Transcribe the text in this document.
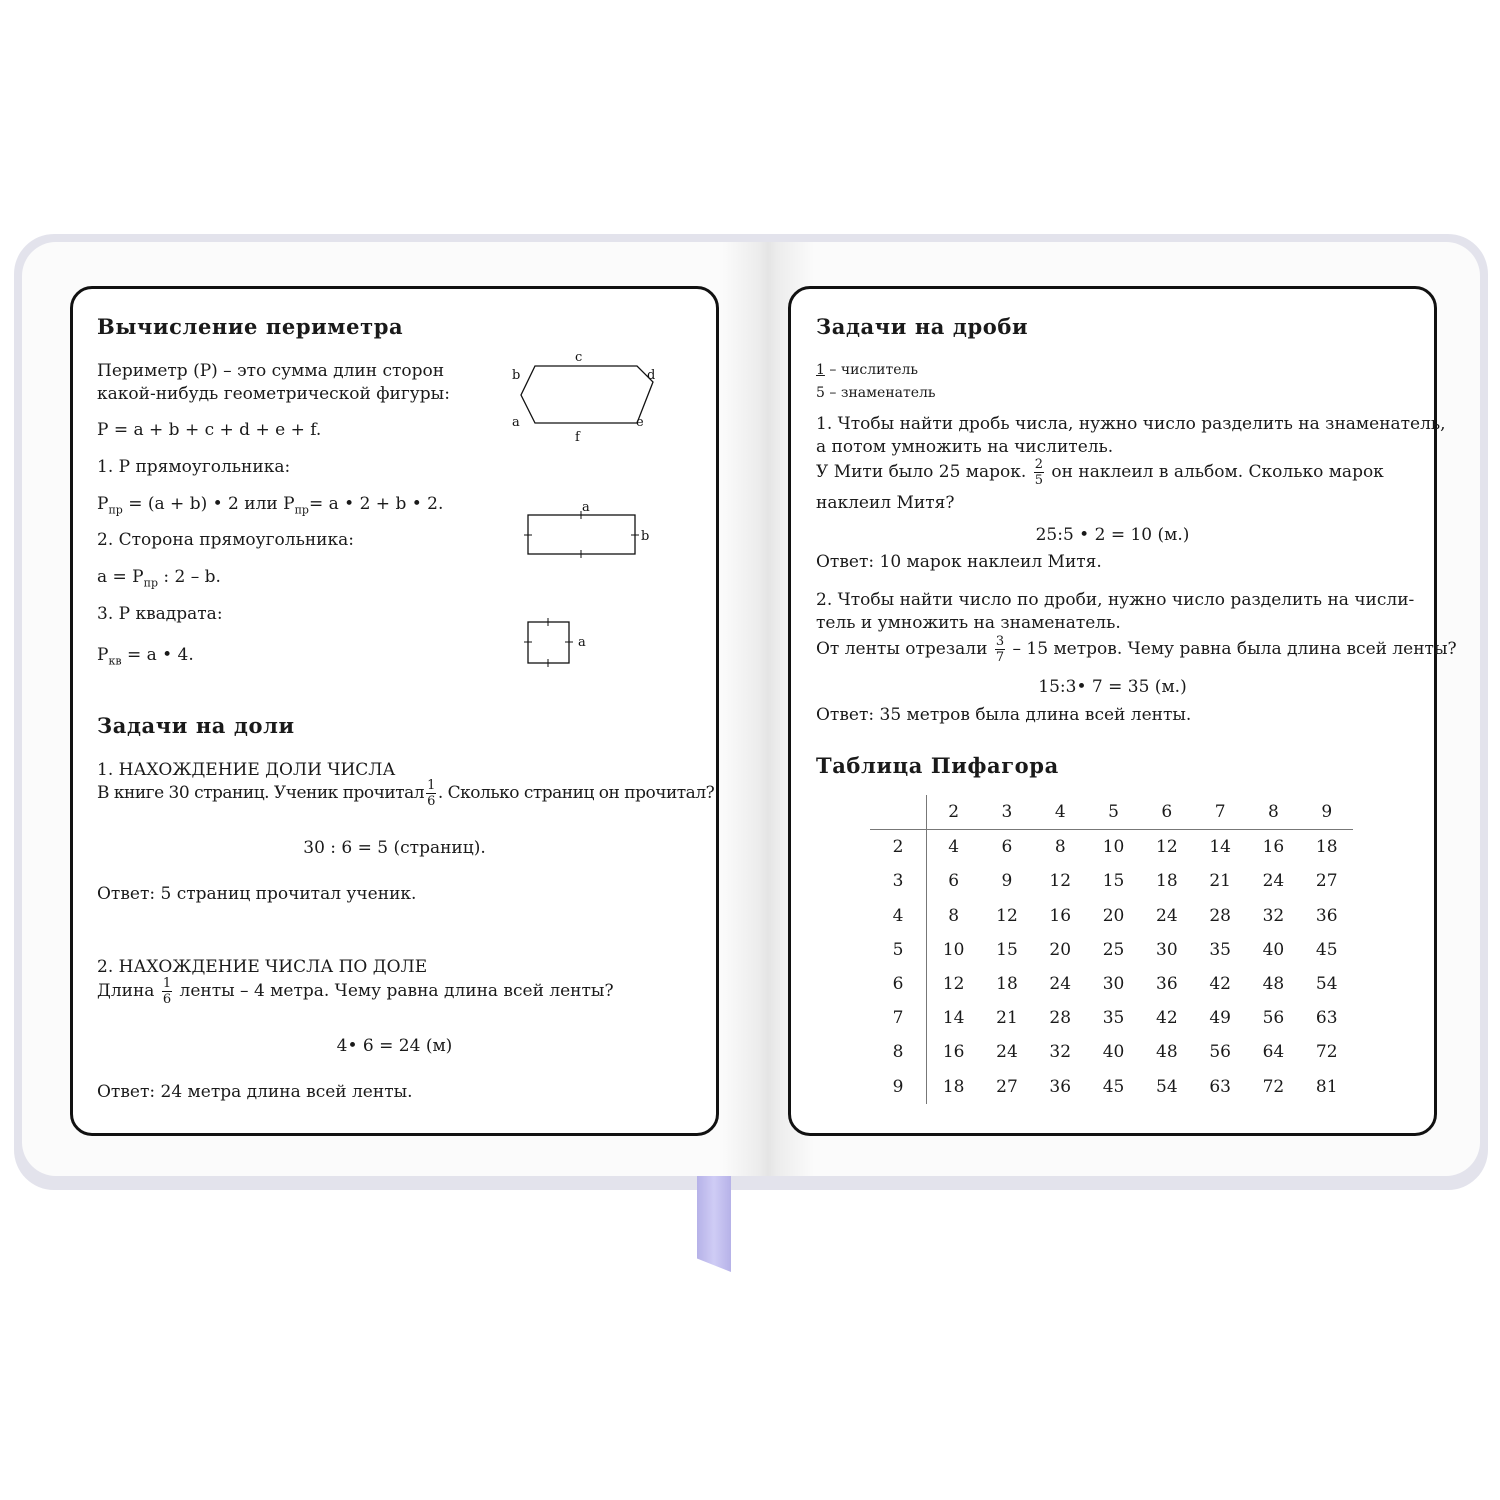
Вычисление периметра
Периметр (P) – это сумма длин сторон
какой-нибудь геометрической фигуры:
P = a + b + c + d + e + f.
1. P прямоугольника:
$P_{пр} = (a + b)$ • 2 или $P_{пр}= a$ • 2 + b • 2.
2. Сторона прямоугольника:
$a = P_{пр}$ : 2 – b.
3. P квадрата:
$P_{кв} = a$ • 4.
c
b	d
a	e
f
a
b
a
Задачи на доли
1. НАХОЖДЕНИЕ ДОЛИ ЧИСЛА
В книге 30 страниц. Ученик прочитал $\frac{1}{6}$ . Сколько страниц он прочитал?
30 : 6 = 5 (страниц).
Ответ: 5 страниц прочитал ученик.
2. НАХОЖДЕНИЕ ЧИСЛА ПО ДОЛЕ
Длина $\frac{1}{6}$ ленты – 4 метра. Чему равна длина всей ленты?
4• 6 = 24 (м)
Ответ: 24 метра длина всей ленты.
Задачи на дроби
1 – числитель
5 – знаменатель
1. Чтобы найти дробь числа, нужно число разделить на знаменатель,
а потом умножить на числитель.
У Мити было 25 марок. $\frac{2}{5}$ он наклеил в альбом. Сколько марок
наклеил Митя?
25:5 • 2 = 10 (м.)
Ответ: 10 марок наклеил Митя.
2. Чтобы найти число по дроби, нужно число разделить на числи-
тель и умножить на знаменатель.
От ленты отрезали $\frac{3}{7} - 15$ метров. Чему равна была длина всей ленты?
15:3• 7 = 35 (м.)
Ответ: 35 метров была длина всей ленты.
Таблица Пифагора
	2	3	4	5	6	7	8	9
2	4	6	8	10	12	14	16	18
3	6	9	12	15	18	21	24	27
4	8	12	16	20	24	28	32	36
5	10	15	20	25	30	35	40	45
6	12	18	24	30	36	42	48	54
7	14	21	28	35	42	49	56	63
8	16	24	32	40	48	56	64	72
9	18	27	36	45	54	63	72	81
